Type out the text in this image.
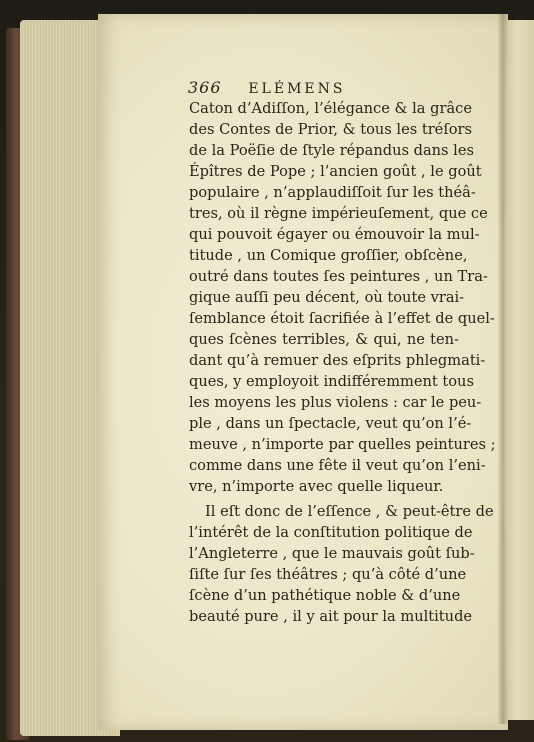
366 ELÉMENS

Caton d’Adiſſon, l’élégance & la grâce

des Contes de Prior, & tous les tréſors

de la Poëſie de ſtyle répandus dans les

Épîtres de Pope ; l’ancien goût , le goût

populaire , n’applaudiſſoit ſur les théâ-

tres, où il règne impérieuſement, que ce

qui pouvoit égayer ou émouvoir la mul-

titude , un Comique groſſier, obſcène,

outré dans toutes ſes peintures , un Tra-

gique auſſi peu décent, où toute vrai-

ſemblance étoit ſacrifiée à l’effet de quel-

ques ſcènes terribles, & qui, ne ten-

dant qu’à remuer des eſprits phlegmati-

ques, y employoit indifféremment tous

les moyens les plus violens : car le peu-

ple , dans un ſpectacle, veut qu’on l’é-

meuve , n’importe par quelles peintures ;

comme dans une fête il veut qu’on l’eni-

vre, n’importe avec quelle liqueur.

Il eſt donc de l’eſſence , & peut-être de

l’intérêt de la conſtitution politique de

l’Angleterre , que le mauvais goût ſub-

ſiſte ſur ſes théâtres ; qu’à côté d’une

ſcène d’un pathétique noble & d’une

beauté pure , il y ait pour la multitude
